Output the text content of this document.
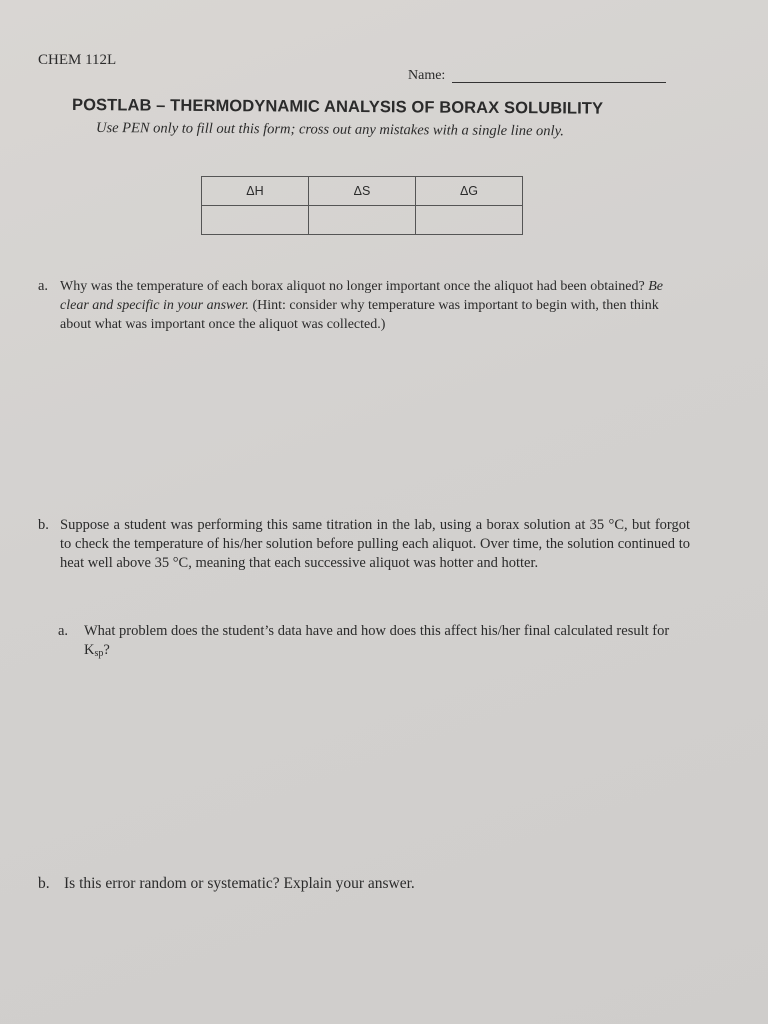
CHEM 112L
Name:
POSTLAB – THERMODYNAMIC ANALYSIS OF BORAX SOLUBILITY
Use PEN only to fill out this form; cross out any mistakes with a single line only.
ΔH	ΔS	ΔG

a. Why was the temperature of each borax aliquot no longer important once the aliquot had been obtained? Be clear and specific in your answer. (Hint: consider why temperature was important to begin with, then think about what was important once the aliquot was collected.)
b. Suppose a student was performing this same titration in the lab, using a borax solution at 35 °C, but forgot to check the temperature of his/her solution before pulling each aliquot. Over time, the solution continued to heat well above 35 °C, meaning that each successive aliquot was hotter and hotter.
a. What problem does the student’s data have and how does this affect his/her final calculated result for $K_{sp}$?
b. Is this error random or systematic? Explain your answer.
